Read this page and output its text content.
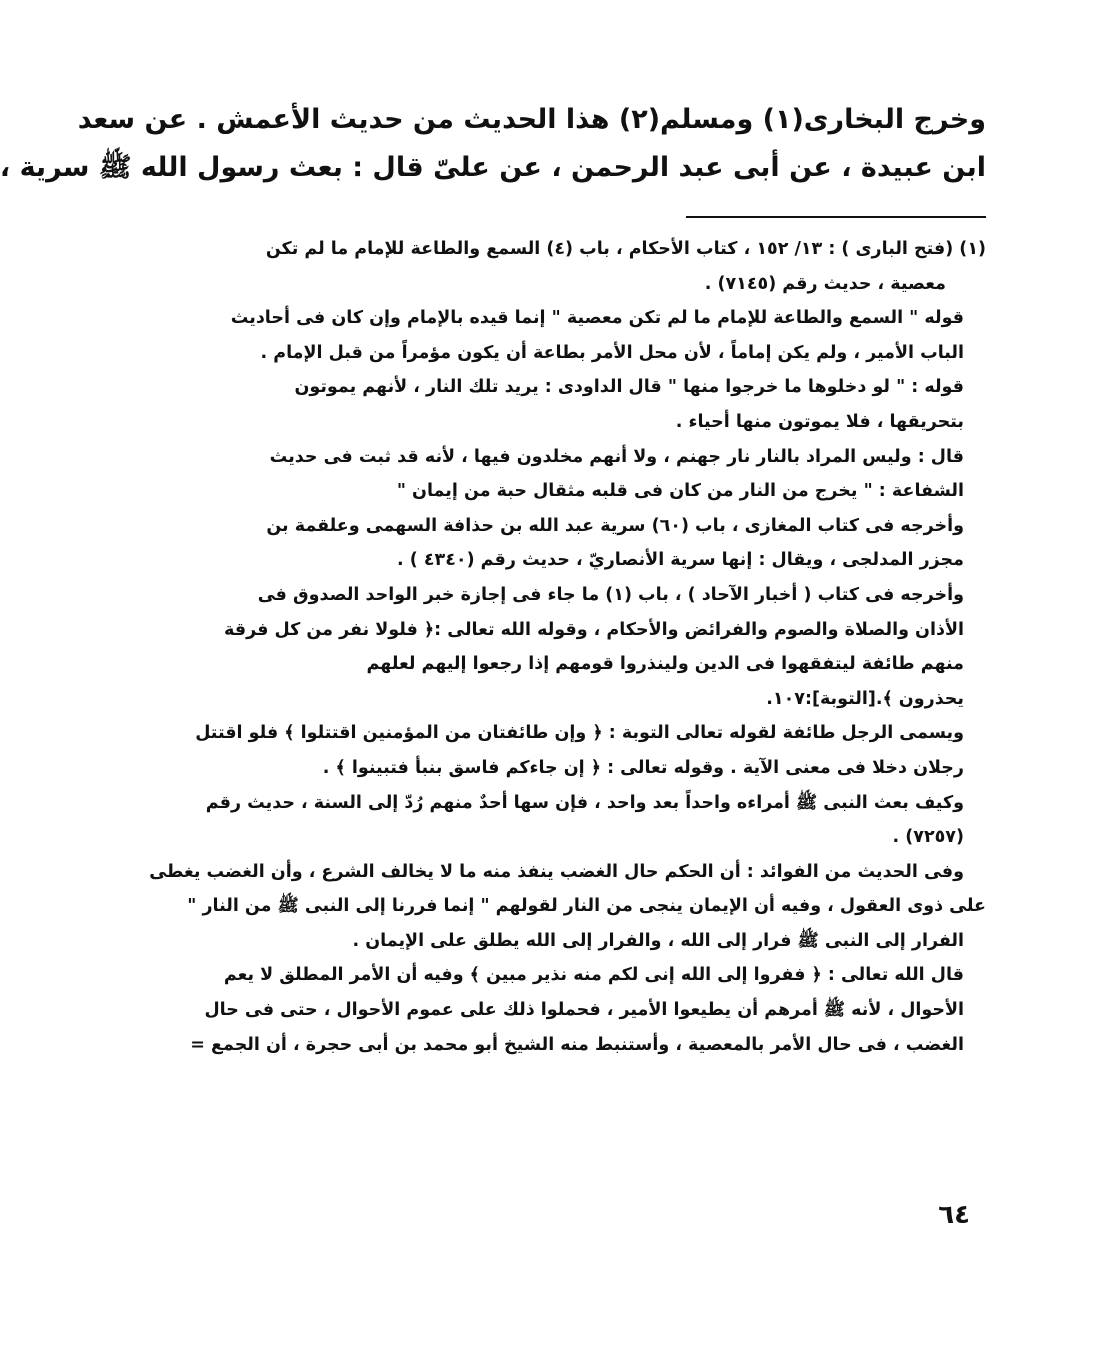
وخرج البخارى(١) ومسلم(٢) هذا الحديث من حديث الأعمش . عن سعد
ابن عبيدة ، عن أبى عبد الرحمن ، عن علىّ قال : بعث رسول الله ﷺ سرية ،
(١) (فتح البارى ) : ١٣/ ١٥٢ ، كتاب الأحكام ، باب (٤) السمع والطاعة للإمام ما لم تكن
معصية ، حديث رقم (٧١٤٥) .
قوله " السمع والطاعة للإمام ما لم تكن معصية " إنما قيده بالإمام وإن كان فى أحاديث
الباب الأمير ، ولم يكن إماماً ، لأن محل الأمر بطاعة أن يكون مؤمراً من قبل الإمام .
قوله : " لو دخلوها ما خرجوا منها " قال الداودى : يريد تلك النار ، لأنهم يموتون
بتحريقها ، فلا يموتون منها أحياء .
قال : وليس المراد بالنار نار جهنم ، ولا أنهم مخلدون فيها ، لأنه قد ثبت فى حديث
الشفاعة : " يخرج من النار من كان فى قلبه مثقال حبة من إيمان "
وأخرجه فى كتاب المغازى ، باب (٦٠) سرية عبد الله بن حذافة السهمى وعلقمة بن
مجزر المدلجى ، ويقال : إنها سرية الأنصاريّ ، حديث رقم (٤٣٤٠ ) .
وأخرجه فى كتاب ( أخبار الآحاد ) ، باب (١) ما جاء فى إجازة خبر الواحد الصدوق فى
الأذان والصلاة والصوم والفرائض والأحكام ، وقوله الله تعالى :﴿ فلولا نفر من كل فرقة
منهم طائفة ليتفقهوا فى الدين ولينذروا قومهم إذا رجعوا إليهم لعلهم
يحذرون ﴾.[التوبة]:١٠٧.
ويسمى الرجل طائفة لقوله تعالى التوبة : ﴿ وإن طائفتان من المؤمنين اقتتلوا ﴾ فلو اقتتل
رجلان دخلا فى معنى الآية . وقوله تعالى : ﴿ إن جاءكم فاسق بنبأ فتبينوا ﴾ .
وكيف بعث النبى ﷺ أمراءه واحداً بعد واحد ، فإن سها أحدٌ منهم رُدّ إلى السنة ، حديث رقم
(٧٢٥٧) .
وفى الحديث من الفوائد : أن الحكم حال الغضب ينفذ منه ما لا يخالف الشرع ، وأن الغضب يغطى
على ذوى العقول ، وفيه أن الإيمان ينجى من النار لقولهم " إنما فررنا إلى النبى ﷺ من النار "
الفرار إلى النبى ﷺ فرار إلى الله ، والفرار إلى الله يطلق على الإيمان .
قال الله تعالى : ﴿ ففروا إلى الله إنى لكم منه نذير مبين ﴾ وفيه أن الأمر المطلق لا يعم
الأحوال ، لأنه ﷺ أمرهم أن يطيعوا الأمير ، فحملوا ذلك على عموم الأحوال ، حتى فى حال
الغضب ، فى حال الأمر بالمعصية ، وأستنبط منه الشيخ أبو محمد بن أبى حجرة ، أن الجمع =
٦٤
